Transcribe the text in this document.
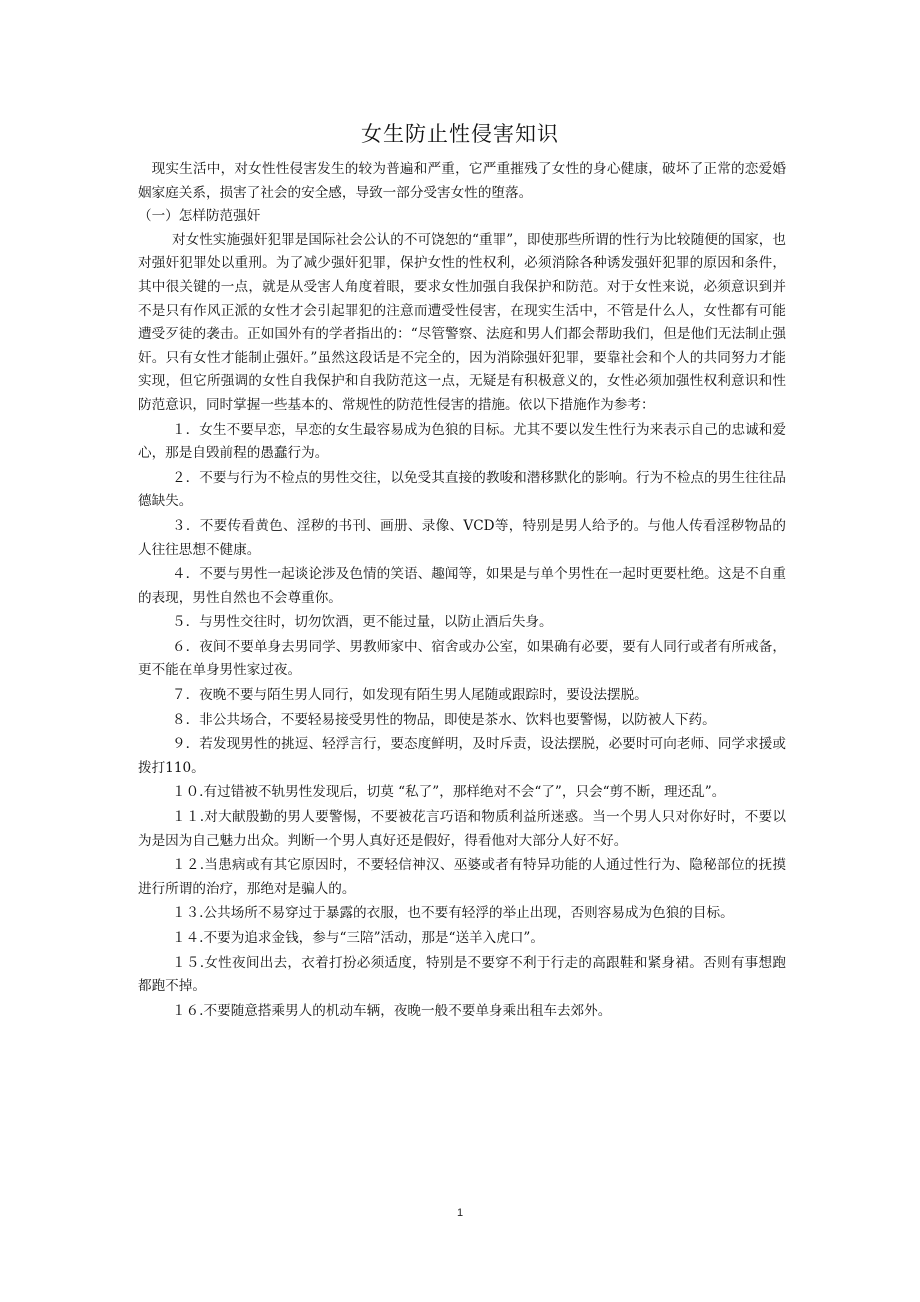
女生防止性侵害知识

现实生活中，对女性性侵害发生的较为普遍和严重，它严重摧残了女性的身心健康，破坏了正常的恋爱婚姻家庭关系，损害了社会的安全感，导致一部分受害女性的堕落。

（一）怎样防范强奸

对女性实施强奸犯罪是国际社会公认的不可饶恕的“重罪”，即使那些所谓的性行为比较随便的国家，也对强奸犯罪处以重刑。为了减少强奸犯罪，保护女性的性权利，必须消除各种诱发强奸犯罪的原因和条件，其中很关键的一点，就是从受害人角度着眼，要求女性加强自我保护和防范。对于女性来说，必须意识到并不是只有作风正派的女性才会引起罪犯的注意而遭受性侵害，在现实生活中，不管是什么人，女性都有可能遭受歹徒的袭击。正如国外有的学者指出的：“尽管警察、法庭和男人们都会帮助我们，但是他们无法制止强奸。只有女性才能制止强奸。”虽然这段话是不完全的，因为消除强奸犯罪，要靠社会和个人的共同努力才能实现，但它所强调的女性自我保护和自我防范这一点，无疑是有积极意义的，女性必须加强性权利意识和性防范意识，同时掌握一些基本的、常规性的防范性侵害的措施。依以下措施作为参考：

１．女生不要早恋，早恋的女生最容易成为色狼的目标。尤其不要以发生性行为来表示自己的忠诚和爱心，那是自毁前程的愚蠢行为。

２．不要与行为不检点的男性交往，以免受其直接的教唆和潜移默化的影响。行为不检点的男生往往品德缺失。

３．不要传看黄色、淫秽的书刊、画册、录像、VCD等，特别是男人给予的。与他人传看淫秽物品的人往往思想不健康。

４．不要与男性一起谈论涉及色情的笑语、趣闻等，如果是与单个男性在一起时更要杜绝。这是不自重的表现，男性自然也不会尊重你。

５．与男性交往时，切勿饮酒，更不能过量，以防止酒后失身。

６．夜间不要单身去男同学、男教师家中、宿舍或办公室，如果确有必要，要有人同行或者有所戒备，更不能在单身男性家过夜。

７．夜晚不要与陌生男人同行，如发现有陌生男人尾随或跟踪时，要设法摆脱。

８．非公共场合，不要轻易接受男性的物品，即使是茶水、饮料也要警惕，以防被人下药。

９．若发现男性的挑逗、轻浮言行，要态度鲜明，及时斥责，设法摆脱，必要时可向老师、同学求援或拨打110。

１０.有过错被不轨男性发现后，切莫 “私了”，那样绝对不会“了”，只会“剪不断，理还乱”。

１１.对大献殷勤的男人要警惕，不要被花言巧语和物质利益所迷惑。当一个男人只对你好时，不要以为是因为自己魅力出众。判断一个男人真好还是假好，得看他对大部分人好不好。

１２.当患病或有其它原因时，不要轻信神汉、巫婆或者有特异功能的人通过性行为、隐秘部位的抚摸进行所谓的治疗，那绝对是骗人的。

１３.公共场所不易穿过于暴露的衣服，也不要有轻浮的举止出现，否则容易成为色狼的目标。

１４.不要为追求金钱，参与“三陪”活动，那是“送羊入虎口”。

１５.女性夜间出去，衣着打扮必须适度，特别是不要穿不利于行走的高跟鞋和紧身裙。否则有事想跑都跑不掉。

１６.不要随意搭乘男人的机动车辆，夜晚一般不要单身乘出租车去郊外。

1
